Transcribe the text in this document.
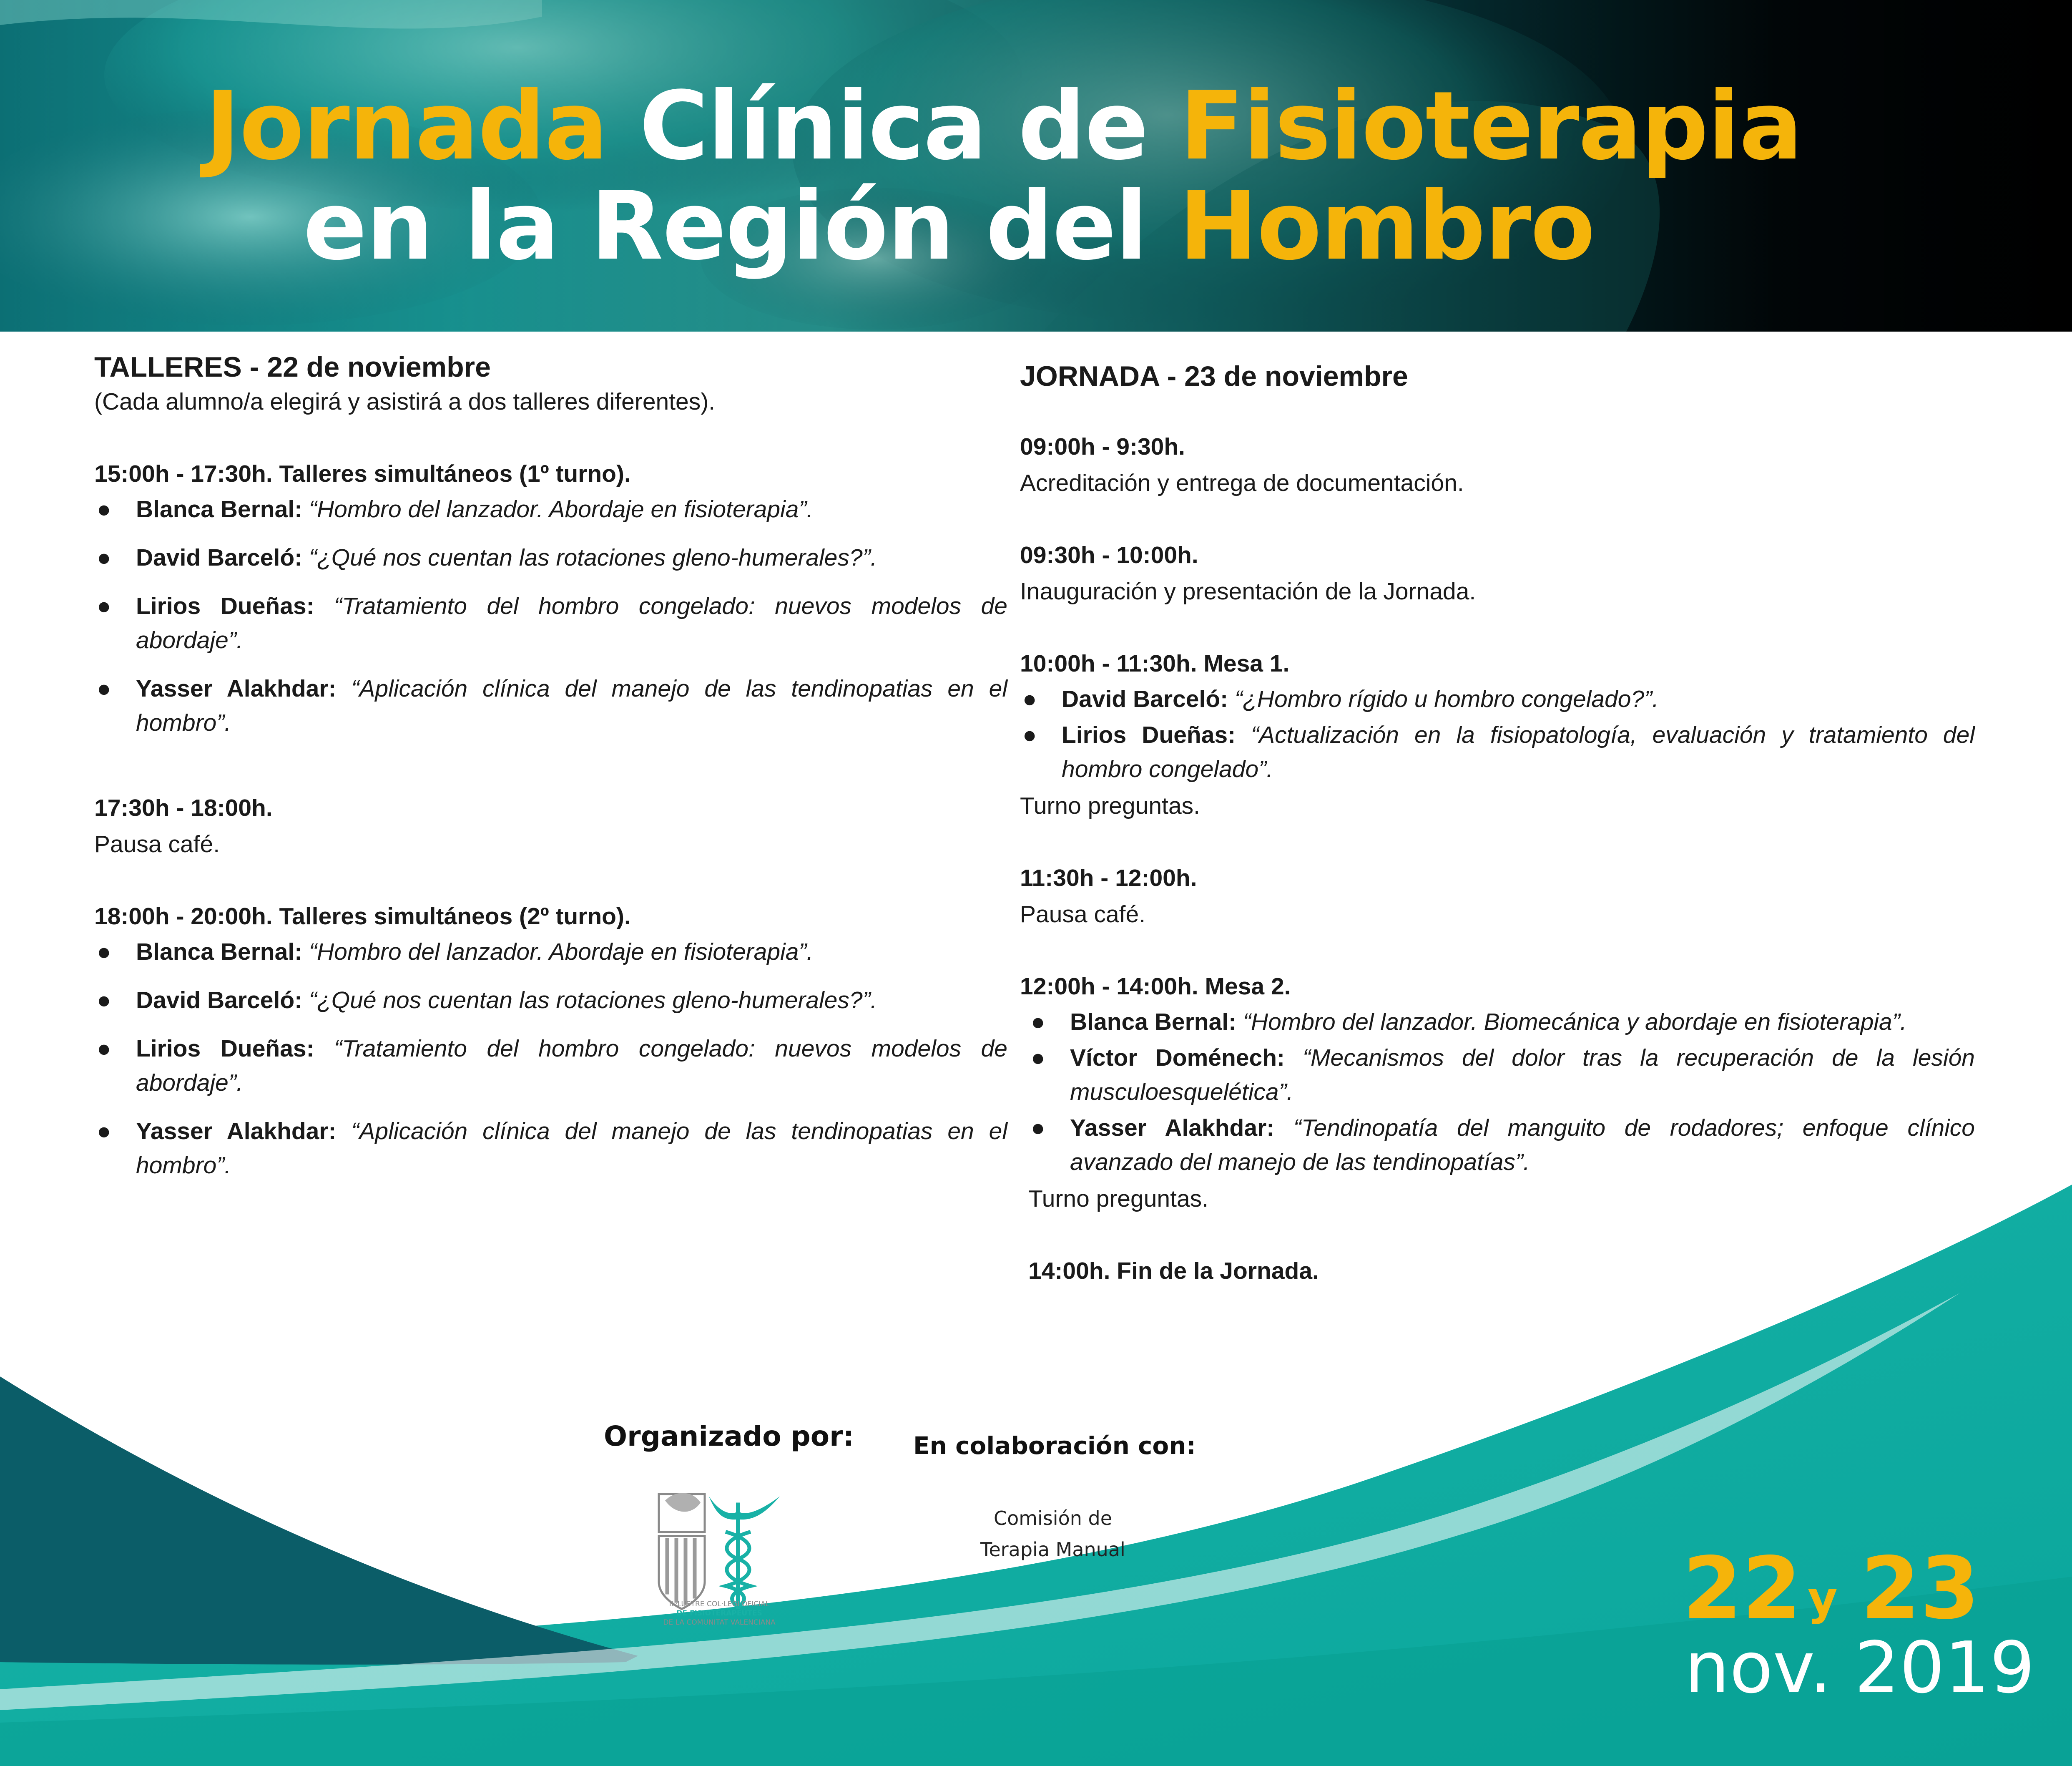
Jornada Clínica de Fisioterapia
en la Región del Hombro
TALLERES - 22 de noviembre
(Cada alumno/a elegirá y asistirá a dos talleres diferentes).
15:00h - 17:30h. Talleres simultáneos (1º turno).
● Blanca Bernal: “Hombro del lanzador. Abordaje en fisioterapia”.
● David Barceló: “¿Qué nos cuentan las rotaciones gleno-humerales?”.
● Lirios Dueñas: “Tratamiento del hombro congelado: nuevos modelos de abordaje”.
● Yasser Alakhdar: “Aplicación clínica del manejo de las tendinopatias en el hombro”.
17:30h - 18:00h.
Pausa café.
18:00h - 20:00h. Talleres simultáneos (2º turno).
● Blanca Bernal: “Hombro del lanzador. Abordaje en fisioterapia”.
● David Barceló: “¿Qué nos cuentan las rotaciones gleno-humerales?”.
● Lirios Dueñas: “Tratamiento del hombro congelado: nuevos modelos de abordaje”.
● Yasser Alakhdar: “Aplicación clínica del manejo de las tendinopatias en el hombro”.
JORNADA - 23 de noviembre
09:00h - 9:30h.
Acreditación y entrega de documentación.
09:30h - 10:00h.
Inauguración y presentación de la Jornada.
10:00h - 11:30h. Mesa 1.
● David Barceló: “¿Hombro rígido u hombro congelado?”.
● Lirios Dueñas: “Actualización en la fisiopatología, evaluación y tratamiento del hombro congelado”.
Turno preguntas.
11:30h - 12:00h.
Pausa café.
12:00h - 14:00h. Mesa 2.
● Blanca Bernal: “Hombro del lanzador. Biomecánica y abordaje en fisioterapia”.
● Víctor Doménech: “Mecanismos del dolor tras la recuperación de la lesión musculoesquelética”.
● Yasser Alakhdar: “Tendinopatía del manguito de rodadores; enfoque clínico avanzado del manejo de las tendinopatías”.
Turno preguntas.
14:00h. Fin de la Jornada.
Organizado por: En colaboración con:
Comisión de
Terapia Manual
IL·LUSTRE COL·LEGI OFICIAL
DE FISIOTERAPEUTES
DE LA COMUNITAT VALENCIANA	22 y 23
nov. 2019
